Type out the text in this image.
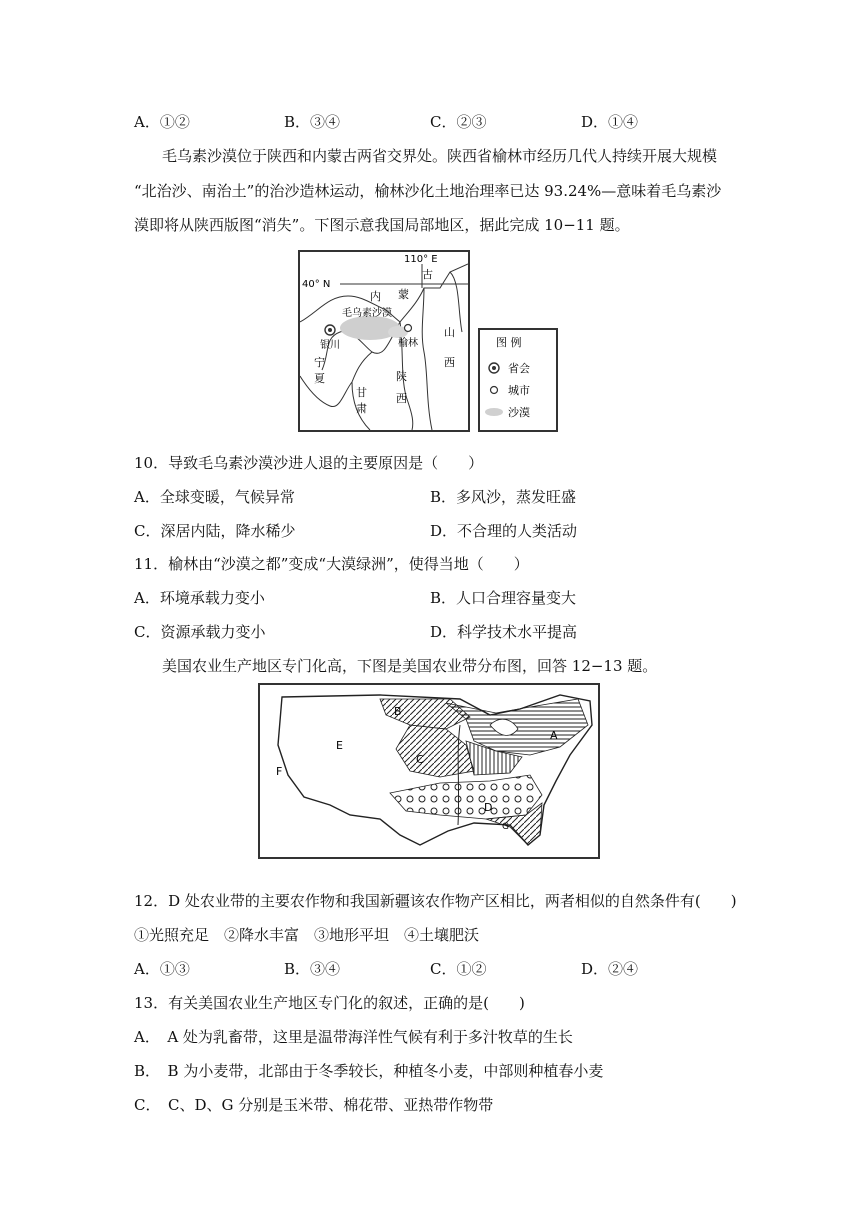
A．①②	B．③④	C．②③	D．①④
毛乌素沙漠位于陕西和内蒙古两省交界处。陕西省榆林市经历几代人持续开展大规模
“北治沙、南治土”的治沙造林运动，榆林沙化土地治理率已达 93.24%—意味着毛乌素沙
漠即将从陕西版图“消失”。下图示意我国局部地区，据此完成 10−11 题。
110° E
40° N
古
内 蒙
毛乌素沙漠
银川	榆林
山
西
宁
夏	陕
西
甘
肃
图 例
省会
城市
沙漠
10．导致毛乌素沙漠沙进人退的主要原因是（　　）
A．全球变暖，气候异常	B．多风沙，蒸发旺盛
C．深居内陆，降水稀少	D．不合理的人类活动
11．榆林由“沙漠之都”变成“大漠绿洲”，使得当地（　　）
A．环境承载力变小	B．人口合理容量变大
C．资源承载力变小	D．科学技术水平提高
美国农业生产地区专门化高，下图是美国农业带分布图，回答 12−13 题。
B
A
C
E
F
D
G
12．D 处农业带的主要农作物和我国新疆该农作物产区相比，两者相似的自然条件有(　　)
①光照充足　②降水丰富　③地形平坦　④土壤肥沃
A．①③	B．③④	C．①②	D．②④
13．有关美国农业生产地区专门化的叙述，正确的是(　　)
A．　A 处为乳畜带，这里是温带海洋性气候有利于多汁牧草的生长
B．　B 为小麦带，北部由于冬季较长，种植冬小麦，中部则种植春小麦
C．　C、D、G 分别是玉米带、棉花带、亚热带作物带
